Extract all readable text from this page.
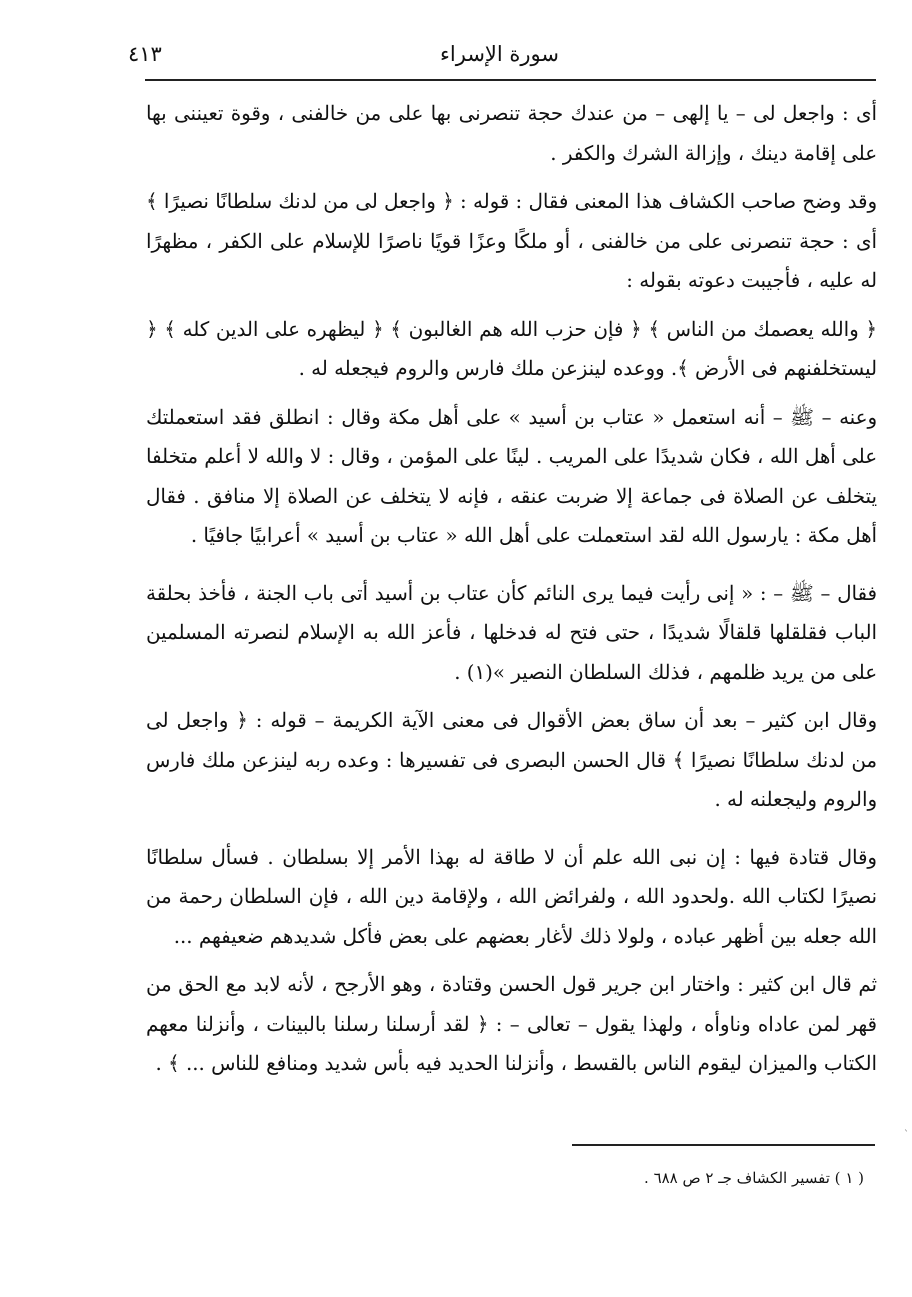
سورة الإسراء
٤١٣

أى : واجعل لى – يا إلهى – من عندك حجة تنصرنى بها على من خالفنى ، وقوة تعيننى بها على إقامة دينك ، وإزالة الشرك والكفر .

وقد وضح صاحب الكشاف هذا المعنى فقال : قوله : ﴿ واجعل لى من لدنك سلطانًا نصيرًا ﴾ أى : حجة تنصرنى على من خالفنى ، أو ملكًا وعزًا قويًا ناصرًا للإسلام على الكفر ، مظهرًا له عليه ، فأجيبت دعوته بقوله :

﴿ والله يعصمك من الناس ﴾ ﴿ فإن حزب الله هم الغالبون ﴾ ﴿ ليظهره على الدين كله ﴾ ﴿ ليستخلفنهم فى الأرض ﴾. ووعده لينزعن ملك فارس والروم فيجعله له .

وعنه – ﷺ – أنه استعمل « عتاب بن أسيد » على أهل مكة وقال : انطلق فقد استعملتك على أهل الله ، فكان شديدًا على المريب . لينًا على المؤمن ، وقال : لا والله لا أعلم متخلفا يتخلف عن الصلاة فى جماعة إلا ضربت عنقه ، فإنه لا يتخلف عن الصلاة إلا منافق . فقال أهل مكة : يارسول الله لقد استعملت على أهل الله « عتاب بن أسيد » أعرابيًا جافيًا .

فقال – ﷺ – : « إنى رأيت فيما يرى النائم كأن عتاب بن أسيد أتى باب الجنة ، فأخذ بحلقة الباب فقلقلها قلقالًا شديدًا ، حتى فتح له فدخلها ، فأعز الله به الإسلام لنصرته المسلمين على من يريد ظلمهم ، فذلك السلطان النصير »(١) .

وقال ابن كثير – بعد أن ساق بعض الأقوال فى معنى الآية الكريمة – قوله : ﴿ واجعل لى من لدنك سلطانًا نصيرًا ﴾ قال الحسن البصرى فى تفسيرها : وعده ربه لينزعن ملك فارس والروم وليجعلنه له .

وقال قتادة فيها : إن نبى الله علم أن لا طاقة له بهذا الأمر إلا بسلطان . فسأل سلطانًا نصيرًا لكتاب الله .ولحدود الله ، ولفرائض الله ، ولإقامة دين الله ، فإن السلطان رحمة من الله جعله بين أظهر عباده ، ولولا ذلك لأغار بعضهم على بعض فأكل شديدهم ضعيفهم ...

ثم قال ابن كثير : واختار ابن جرير قول الحسن وقتادة ، وهو الأرجح ، لأنه لابد مع الحق من قهر لمن عاداه وناوأه ، ولهذا يقول – تعالى – : ﴿ لقد أرسلنا رسلنا بالبينات ، وأنزلنا معهم الكتاب والميزان ليقوم الناس بالقسط ، وأنزلنا الحديد فيه بأس شديد ومنافع للناس ... ﴾ .

( ١ ) تفسير الكشاف جـ ٢ ص ٦٨٨ .
`
